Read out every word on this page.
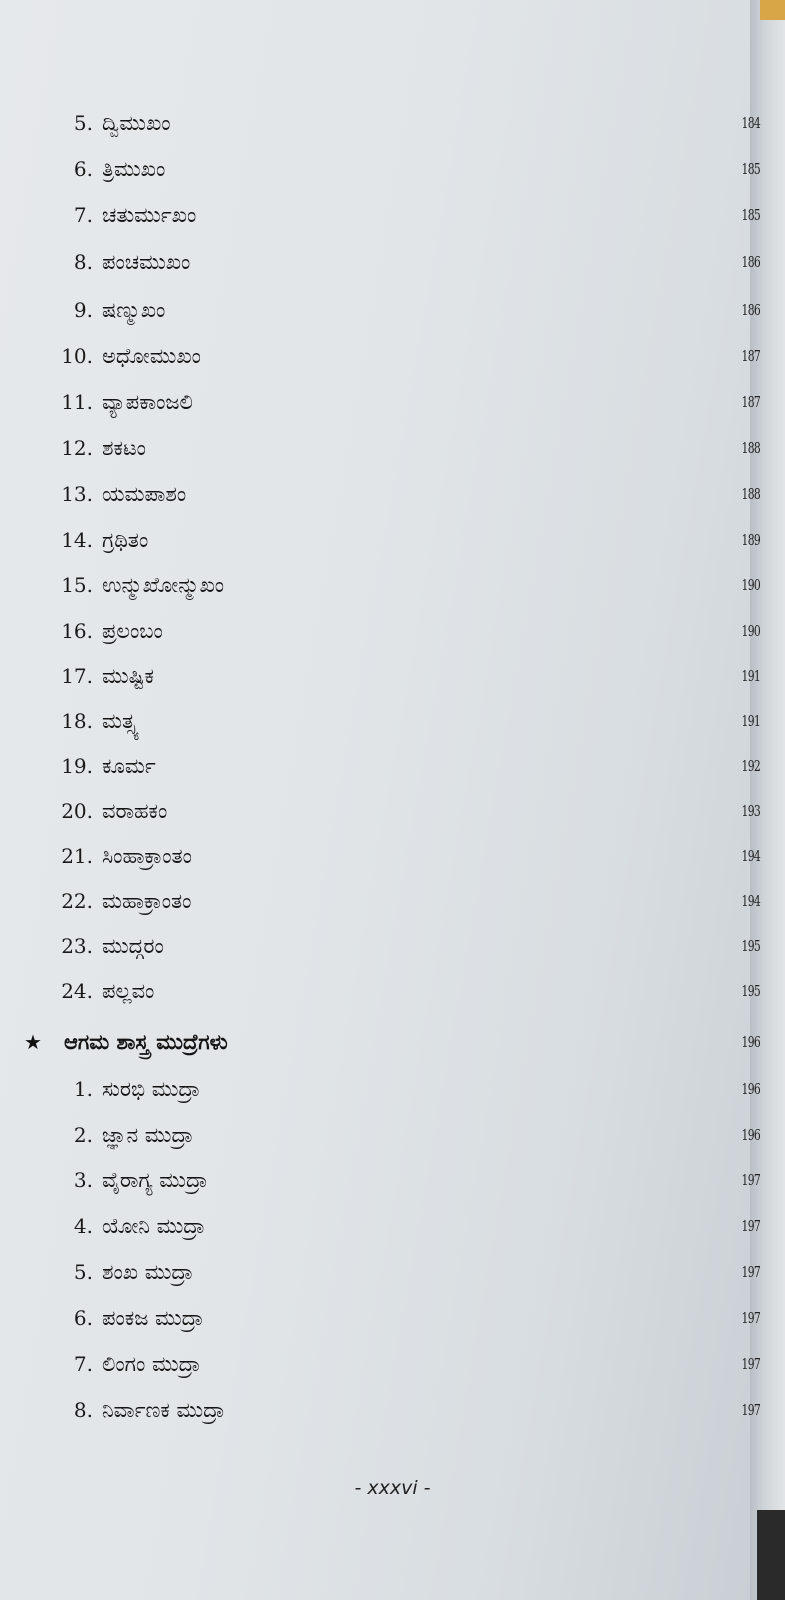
5. ದ್ವಿಮುಖಂ	184
6. ತ್ರಿಮುಖಂ	185
7. ಚತುರ್ಮುಖಂ	185
8. ಪಂಚಮುಖಂ	186
9. ಷಣ್ಮುಖಂ	186
10. ಅಧೋಮುಖಂ	187
11. ವ್ಯಾಪಕಾಂಜಲಿ	187
12. ಶಕಟಂ	188
13. ಯಮಪಾಶಂ	188
14. ಗ್ರಥಿತಂ	189
15. ಉನ್ಮುಖೋನ್ಮುಖಂ	190
16. ಪ್ರಲಂಬಂ	190
17. ಮುಷ್ಟಿಕ	191
18. ಮತ್ಸ್ಯ	191
19. ಕೂರ್ಮ	192
20. ವರಾಹಕಂ	193
21. ಸಿಂಹಾಕ್ರಾಂತಂ	194
22. ಮಹಾಕ್ರಾಂತಂ	194
23. ಮುದ್ಗರಂ	195
24. ಪಲ್ಲವಂ	195
★ ಆಗಮ ಶಾಸ್ತ್ರ ಮುದ್ರೆಗಳು	196
1. ಸುರಭಿ ಮುದ್ರಾ	196
2. ಜ್ಞಾನ ಮುದ್ರಾ	196
3. ವೈರಾಗ್ಯ ಮುದ್ರಾ	197
4. ಯೋನಿ ಮುದ್ರಾ	197
5. ಶಂಖ ಮುದ್ರಾ	197
6. ಪಂಕಜ ಮುದ್ರಾ	197
7. ಲಿಂಗಂ ಮುದ್ರಾ	197
8. ನಿರ್ವಾಣಕ ಮುದ್ರಾ	197
- xxxvi -
